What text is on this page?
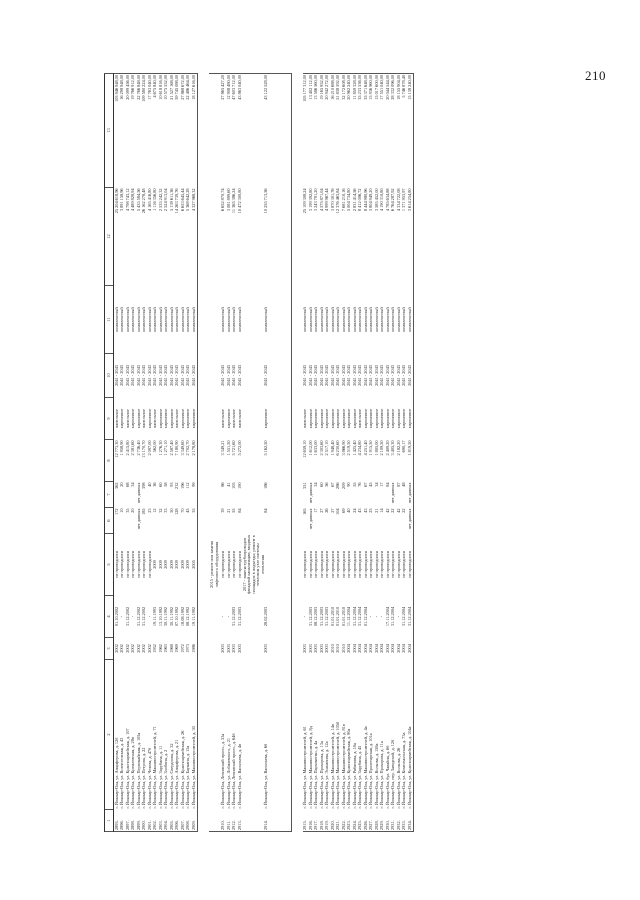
210
1	2	3	4	5	6	7	8	9	10	11	12	13
2895.	г. Йошкар-Ола, ул. Анциферова, д. 12б	2002	01.10.2002	не проводился	172	362	12 773,30	панельное	2041 - 2043	комплексный	25 204 618,96	105 946 948,00
2896.	г. Йошкар-Ола, ул. Вознесенская, д. 43	2002	-	не проводился	10	20	1 958,90	кирпичное	2041 - 2043	комплексный	3 891 158,96	16 298 948,00
2897.	г. Йошкар-Ола, ул. Красноармейская, д. 107	2002	31.12.2002	не проводился	35	68	2 415,80	панельное	2041 - 2043	комплексный	4 798 743,12	20 099 456,00
2898.	г. Йошкар-Ола, ул. Кремлевская, д. 28в	2002	-	не проводился	20	34	2 381,60	кирпичное	2041 - 2043	комплексный	4 489 828,94	19 766 912,00
2899.	г. Йошкар-Ола, ул. Первомайская, д. 105а	2002	31.12.2002	не проводился	нет данных	nет данных	2 736,40	кирпичное	2041 - 2043	комплексный	5 435 584,56	22 766 848,00
2900.	г. Йошкар-Ола, ул. Петрова, д. 22	2002	31.12.2002	не проводился	185	398	13 170,70	панельное	2041 - 2043	комплексный	26 162 278,48	109 580 224,00
2901.	г. Йошкар-Ола, ул. Чехова, д. 47б	2002	-	не проводился	23	40	2 097,00	кирпичное	2041 - 2043	комплексный	4 165 416,80	17 763 040,00
2902.	г. Йошкар-Ола, ул. Машиностроителей, д. 71	1952	19.11.1993	2009	12	36	562,00	панельное	2041 - 2043	комплексный	1 116 356,80	4 675 840,00
2903.	г. Йошкар-Ола, ул. Зарубина, д. 11	1962	13.10.1992	2009	32	60	1 276,30	кирпичное	2041 - 2043	комплексный	2 535 242,32	10 618 816,00
2904.	г. Йошкар-Ола, ул. Злобина, д. 2	1963	30.11.1992	2009	33	58	1 271,10	кирпичное	2041 - 2043	комплексный	2 524 913,04	10 575 552,00
2905.	г. Йошкар-Ола, ул. Свердлова, д. 32	1968	30.11.1992	2009	50	93	2 587,40	кирпичное	2041 - 2043	комплексный	5 139 611,36	21 527 168,00
2906.	г. Йошкар-Ола, ул. Анциферова, д. 21	1969	07.10.1992	2009	128	232	7 180,90	панельное	2041 - 2043	комплексный	14 263 739,76	59 745 088,00
2907.	г. Йошкар-Ола, ул. Красноармейская, д. 26	1972	18.08.1992	2009	70	196	3 349,60	кирпичное	2041 - 2043	комплексный	6 653 645,44	27 868 672,00
2908.	г. Йошкар-Ола, ул. Баумана, д. 15а	1973	08.12.1992	2009	45	112	2 702,70	кирпичное	2041 - 2043	комплексный	5 368 642,28	22 486 464,00
2909.	г. Йошкар-Ола, ул. Машиностроителей, д. 30	1986	19.11.1992	2005	35	99	2 178,80	кирпичное	2041 - 2043	комплексный	4 327 968,32	18 127 616,00

				2015 - ремонт или замена лифтового оборудования								
2910.	г. Йошкар-Ола, Ленинский просп., д. 53а	2003	-	не проводился	39	86	3 349,21	панельное	2041 - 2043	комплексный	6 652 870,74	27 865 427,20
2911.	г. Йошкар-Ола, ул. Лобачевского, д. 21	2003	-	не проводился	21	41	1 551,50	кирпичное	2041 - 2043	комплексный	3 081 899,60	12 908 480,00
2912.	г. Йошкар-Ола, Ленинский просп., д. 64б	2003	31.12.2003	не проводился	55	105	5 721,60	панельное	2041 - 2043	комплексный	11 365 386,24	47 603 712,00
2913.	г. Йошкар-Ола, ул. Васильева, д. 4в	2003	31.12.2003	не проводился	84	190	5 272,00	панельное	2041 - 2043	комплексный	10 472 300,80	43 863 040,00
2914.	г. Йошкар-Ола, ул. Васильева, д. 6б	2003	28.02.2003	2017 - замена трубопроводов фасадной канализации, входных площадок в подъезды; ремонт в тепловом узле системы отопления	84	186	5 162,50	кирпичное	2041 - 2043	комплексный	10 255 713,56	43 122 528,00

2915.	г. Йошкар-Ола, ул. Машиностроителей, д. 61	2003	-	не проводился	165	351	12 659,10	панельное	2041 - 2043	комплексный	25 109 308,24	105 177 312,00
2916.	г. Йошкар-Ола, ул. Машиностроителей, д. 8д	2003	31.12.2003	не проводился	нет данных	нет данных	1 612,00	кирпичное	2041 - 2043	комплексный	3 199 392,80	13 402 112,00
2917.	г. Йошкар-Ола, ул. Пархоменко, д. 4а	2003	08.12.2003	не проводился	17	34	1 633,00	кирпичное	2041 - 2043	комплексный	3 243 791,20	13 586 560,00
2918.	г. Йошкар-Ола, ул. Прохорова, д. 13а	2003	31.12.2003	не проводился	27	60	2 303,60	кирпичное	2041 - 2043	комплексный	4 575 871,04	19 165 952,00
2919.	г. Йошкар-Ола, ул. Эшкинина, д. 12а	2003	31.12.2003	не проводился	26	56	2 517,10	кирпичное	2041 - 2043	комплексный	4 999 967,44	20 942 272,00
2920.	г. Йошкар-Ола, ул. Машиностроителей, д. 14в	2010	01.01.2010	не проводился	27	67	1 948,40	кирпичное	2041 - 2043	комплексный	3 870 301,76	16 210 688,00
2921.	г. Йошкар-Ола, ул. Машиностроителей, д. 105б	2010	01.01.2010	не проводился	104	286	6 230,60	кирпичное	2041 - 2043	комплексный	12 376 463,84	51 838 592,00
2922.	г. Йошкар-Ола, ул. Машиностроителей, д. 81в	2010	01.01.2010	не проводился	69	209	3 866,90	кирпичное	2041 - 2043	комплексный	7 681 210,16	32 172 608,00
2923.	г. Йошкар-Ола, ул. Красноармейская, д. 90а	2004	11.12.2004	не проводился	40	90	2 519,50	кирпичное	2041 - 2043	комплексный	5 004 734,80	20 962 240,00
2924.	г. Йошкар-Ола, ул. Рябинина, д. 18а	2004	31.12.2004	не проводился	24	55	1 425,40	кирпичное	2041 - 2043	комплексный	2 831 414,56	11 859 328,00
2925.	г. Йошкар-Ола, ул. Зарубина, д. 45	2004	31.12.2004	не проводился	43	76	4 234,80	панельное	2041 - 2043	комплексный	8 412 006,72	35 233 536,00
2926.	г. Йошкар-Ола, ул. Машиностроителей, д. 4а	2004	01.12.2004	не проводился	43	67	4 251,40	кирпичное	2041 - 2043	комплексный	8 444 980,96	35 371 648,00
2927.	г. Йошкар-Ола, ул. Пролетарская, д. 101а	2004	-	не проводился	25	45	1 915,50	кирпичное	2041 - 2043	комплексный	3 804 949,20	15 936 960,00
2928.	г. Йошкар-Ола, ул. Волкова, д. 158а	2004	-	не проводился	21	34	1 805,00	кирпичное	2041 - 2043	комплексный	3 585 452,00	15 017 600,00
2929.	г. Йошкар-Ола, ул. Прохорова, д. 11а	2004	-	не проводился	14	17	2 109,50	кирпичное	2041 - 2043	комплексный	4 190 310,80	17 551 040,00
2930.	г. Йошкар-Ола, бул. Чавайна, д. 6б	2004	17.11.2004	не проводился	42	84	2 409,20	кирпичное	2041 - 2043	комплексный	4 785 634,88	20 044 544,00
2931.	г. Йошкар-Ола, пер. Заводской, д. 12б	2004	31.12.2004	не проводился	22	нет данных	3 405,30	кирпичное	2041 - 2043	комплексный	6 764 287,92	28 332 096,00
2932.	г. Йошкар-Ола, ул. Волкова, д. 26	2004	-	не проводился	42	87	2 182,20	кирпичное	2041 - 2043	комплексный	4 334 722,08	18 155 904,00
2933.	г. Йошкар-Ола, ул. Комсомольская, д. 73а	2004	31.12.2004	не проводился	22	48	690,17	кирпичное	2041 - 2043	комплексный	1 371 953,97	5 746 878,40
2934.	г. Йошкар-Ола, ул. Красноармейская, д. 104а	2004	31.12.2004	не проводился	нет данных	нет данных	1 819,50	кирпичное	2041 - 2043	комплексный	3 614 254,80	15 138 240,00
